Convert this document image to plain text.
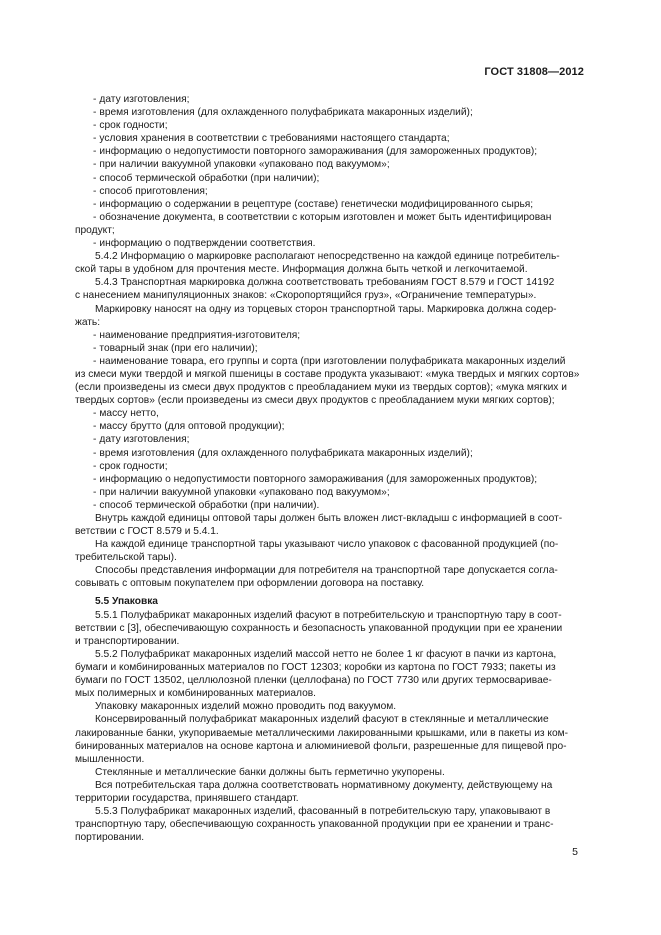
ГОСТ 31808—2012
- дату изготовления;
- время изготовления (для охлажденного полуфабриката макаронных изделий);
- срок годности;
- условия хранения в соответствии с требованиями настоящего стандарта;
- информацию о недопустимости повторного замораживания (для замороженных продуктов);
- при наличии вакуумной упаковки «упаковано под вакуумом»;
- способ термической обработки (при наличии);
- способ приготовления;
- информацию о содержании в рецептуре (составе) генетически модифицированного сырья;
- обозначение документа, в соответствии с которым изготовлен и может быть идентифицирован
продукт;
- информацию о подтверждении соответствия.
5.4.2 Информацию о маркировке располагают непосредственно на каждой единице потребитель-
ской тары в удобном для прочтения месте. Информация должна быть четкой и легкочитаемой.
5.4.3 Транспортная маркировка должна соответствовать требованиям ГОСТ 8.579 и ГОСТ 14192
с нанесением манипуляционных знаков: «Скоропортящийся груз», «Ограничение температуры».
Маркировку наносят на одну из торцевых сторон транспортной тары. Маркировка должна содер-
жать:
- наименование предприятия-изготовителя;
- товарный знак (при его наличии);
- наименование товара, его группы и сорта (при изготовлении полуфабриката макаронных изделий
из смеси муки твердой и мягкой пшеницы в составе продукта указывают: «мука твердых и мягких сортов»
(если произведены из смеси двух продуктов с преобладанием муки из твердых сортов); «мука мягких и
твердых сортов» (если произведены из смеси двух продуктов с преобладанием муки мягких сортов);
- массу нетто,
- массу брутто (для оптовой продукции);
- дату изготовления;
- время изготовления (для охлажденного полуфабриката макаронных изделий);
- срок годности;
- информацию о недопустимости повторного замораживания (для замороженных продуктов);
- при наличии вакуумной упаковки «упаковано под вакуумом»;
- способ термической обработки (при наличии).
Внутрь каждой единицы оптовой тары должен быть вложен лист-вкладыш с информацией в соот-
ветствии с ГОСТ 8.579 и 5.4.1.
На каждой единице транспортной тары указывают число упаковок с фасованной продукцией (по-
требительской тары).
Способы представления информации для потребителя на транспортной таре допускается согла-
совывать с оптовым покупателем при оформлении договора на поставку.
5.5 Упаковка
5.5.1 Полуфабрикат макаронных изделий фасуют в потребительскую и транспортную тару в соот-
ветствии с [3], обеспечивающую сохранность и безопасность упакованной продукции при ее хранении
и транспортировании.
5.5.2 Полуфабрикат макаронных изделий массой нетто не более 1 кг фасуют в пачки из картона,
бумаги и комбинированных материалов по ГОСТ 12303; коробки из картона по ГОСТ 7933; пакеты из
бумаги по ГОСТ 13502, целлюлозной пленки (целлофана) по ГОСТ 7730 или других термосваривае-
мых полимерных и комбинированных материалов.
Упаковку макаронных изделий можно проводить под вакуумом.
Консервированный полуфабрикат макаронных изделий фасуют в стеклянные и металлические
лакированные банки, укупориваемые металлическими лакированными крышками, или в пакеты из ком-
бинированных материалов на основе картона и алюминиевой фольги, разрешенные для пищевой про-
мышленности.
Стеклянные и металлические банки должны быть герметично укупорены.
Вся потребительская тара должна соответствовать нормативному документу, действующему на
территории государства, принявшего стандарт.
5.5.3 Полуфабрикат макаронных изделий, фасованный в потребительскую тару, упаковывают в
транспортную тару, обеспечивающую сохранность упакованной продукции при ее хранении и транс-
портировании.
5
